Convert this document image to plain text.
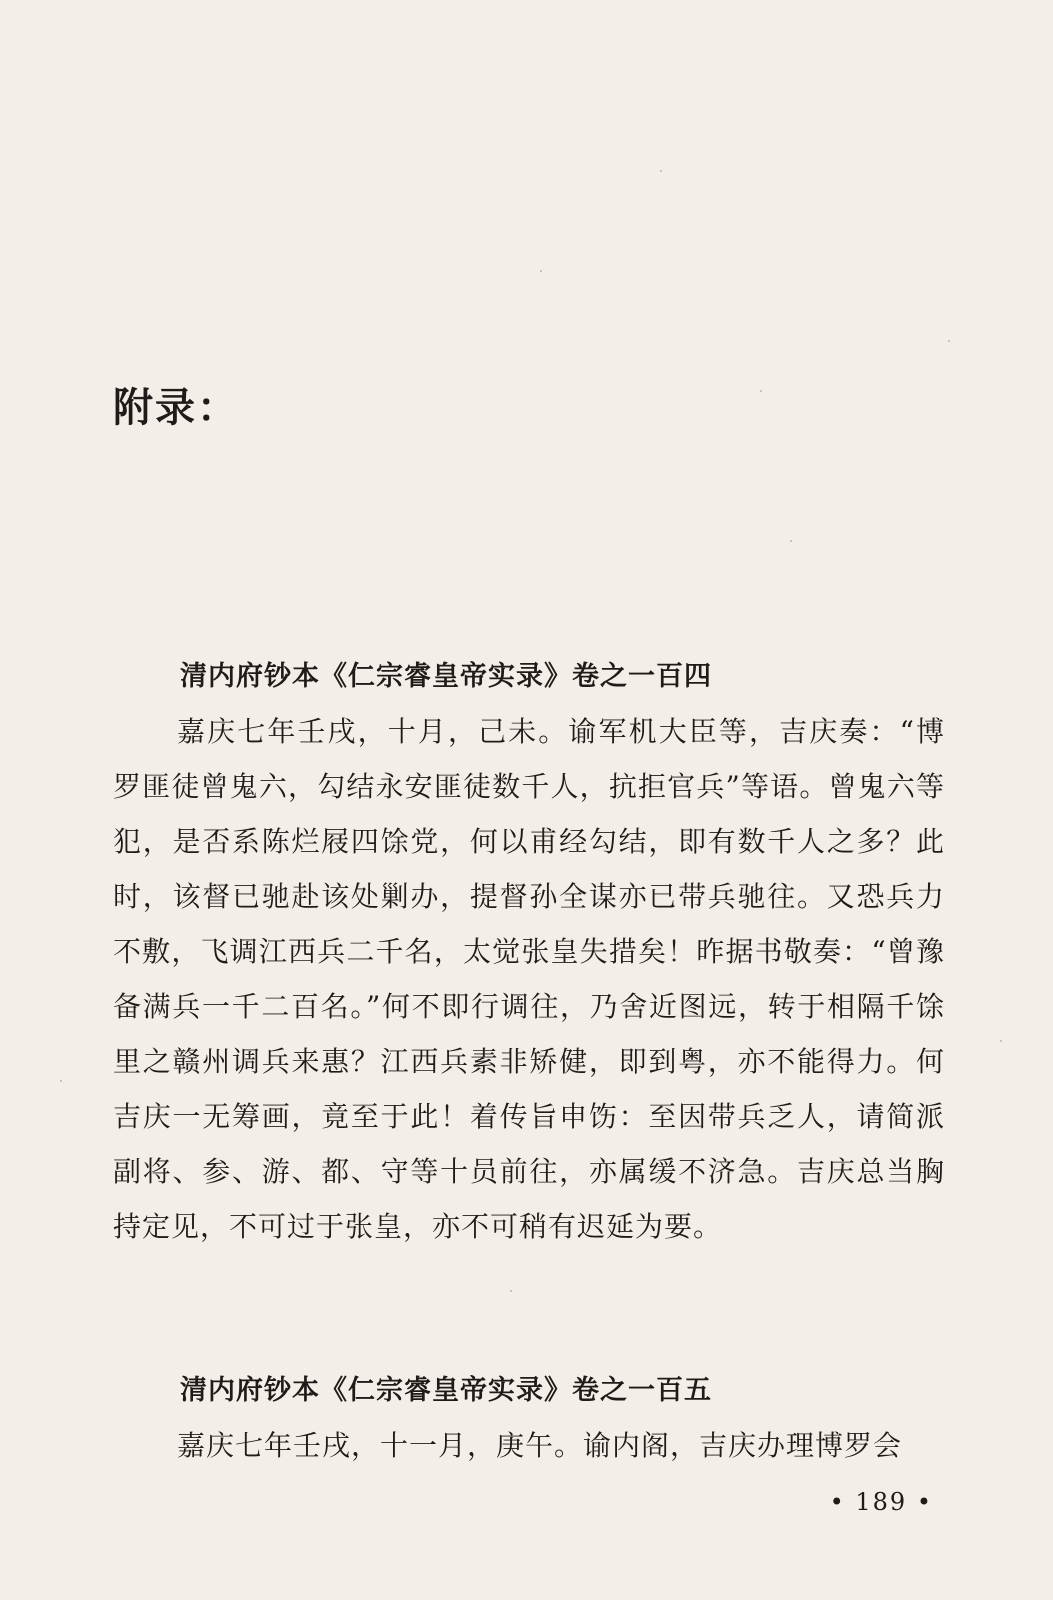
附录：
清内府钞本《仁宗睿皇帝实录》卷之一百四

嘉庆七年壬戌，十月，己未。谕军机大臣等，吉庆奏：“博罗匪徒曾鬼六，勾结永安匪徒数千人，抗拒官兵”等语。曾鬼六等犯，是否系陈烂屐四馀党，何以甫经勾结，即有数千人之多？此时，该督已驰赴该处剿办，提督孙全谋亦已带兵驰往。又恐兵力不敷，飞调江西兵二千名，太觉张皇失措矣！昨据书敬奏：“曾豫备满兵一千二百名。”何不即行调往，乃舍近图远，转于相隔千馀里之赣州调兵来惠？江西兵素非矫健，即到粤，亦不能得力。何吉庆一无筹画，竟至于此！着传旨申饬：至因带兵乏人，请简派副将、参、游、都、守等十员前往，亦属缓不济急。吉庆总当胸持定见，不可过于张皇，亦不可稍有迟延为要。

清内府钞本《仁宗睿皇帝实录》卷之一百五

嘉庆七年壬戌，十一月，庚午。谕内阁，吉庆办理博罗会

• 189 •
